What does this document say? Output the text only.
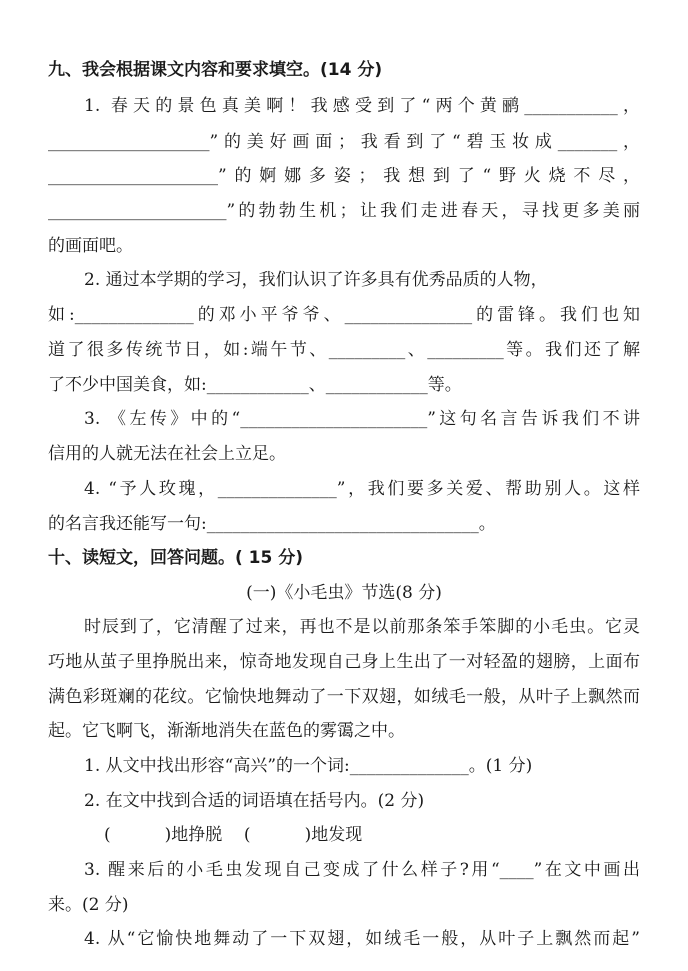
九、我会根据课文内容和要求填空。(14 分)
1. 春天的景色真美啊！我感受到了“两个黄鹂___________，
___________________”的美好画面；我看到了“碧玉妆成_______，
____________________”的婀娜多姿；我想到了“野火烧不尽，
_____________________”的勃勃生机；让我们走进春天，寻找更多美丽
的画面吧。
2. 通过本学期的学习，我们认识了许多具有优秀品质的人物，
如:______________的邓小平爷爷、_______________的雷锋。我们也知
道了很多传统节日，如:端午节、_________、_________等。我们还了解
了不少中国美食，如:____________、____________等。
3. 《左传》中的“______________________”这句名言告诉我们不讲
信用的人就无法在社会上立足。
4. “予人玫瑰，______________”，我们要多关爱、帮助别人。这样
的名言我还能写一句:________________________________。
十、读短文，回答问题。( 15 分)
(一)《小毛虫》节选(8 分)
时辰到了，它清醒了过来，再也不是以前那条笨手笨脚的小毛虫。它灵
巧地从茧子里挣脱出来，惊奇地发现自己身上生出了一对轻盈的翅膀，上面布
满色彩斑斓的花纹。它愉快地舞动了一下双翅，如绒毛一般，从叶子上飘然而
起。它飞啊飞，渐渐地消失在蓝色的雾霭之中。
1. 从文中找出形容“高兴”的一个词:______________。(1 分)
2. 在文中找到合适的词语填在括号内。(2 分)
(          )地挣脱    (          )地发现
3. 醒来后的小毛虫发现自己变成了什么样子?用“____”在文中画出
来。(2 分)
4. 从“它愉快地舞动了一下双翅，如绒毛一般，从叶子上飘然而起”
